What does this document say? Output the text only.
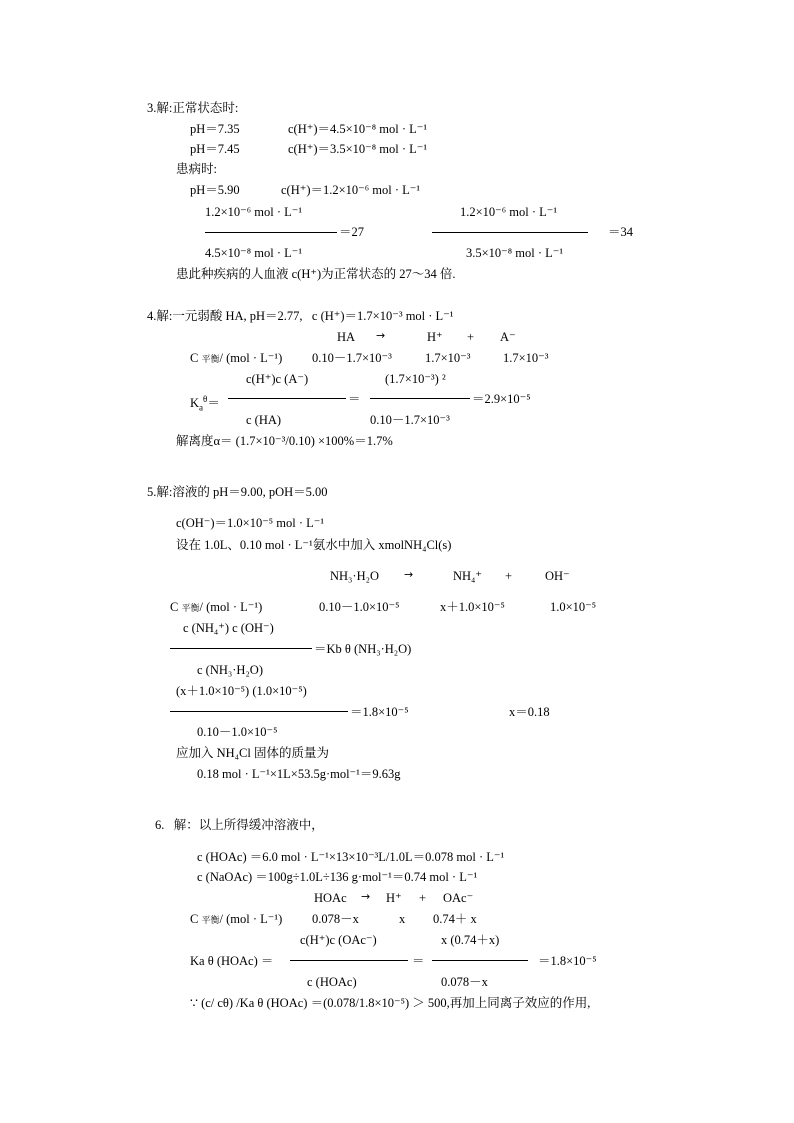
3.解:正常状态时:
pH＝7.35	c(H⁺)＝4.5×10⁻⁸ mol · L⁻¹
pH＝7.45	c(H⁺)＝3.5×10⁻⁸ mol · L⁻¹
患病时:
pH＝5.90	c(H⁺)＝1.2×10⁻⁶ mol · L⁻¹
1.2×10⁻⁶ mol · L⁻¹
＝27
4.5×10⁻⁸ mol · L⁻¹
1.2×10⁻⁶ mol · L⁻¹
＝34
3.5×10⁻⁸ mol · L⁻¹
患此种疾病的人血液 c(H⁺)为正常状态的 27～34 倍.
4.解:一元弱酸 HA, pH＝2.77,   c (H⁺)＝1.7×10⁻³ mol · L⁻¹
HA →	H⁺ + A⁻
C 平衡/ (mol · L⁻¹) 0.10－1.7×10⁻³	1.7×10⁻³	1.7×10⁻³
c(H⁺)c (A⁻)
$K_a^\theta=$	＝
c (HA)
(1.7×10⁻³) ²
＝2.9×10⁻⁵
0.10－1.7×10⁻³
解离度α＝ (1.7×10⁻³/0.10) ×100%＝1.7%
5.解:溶液的 pH＝9.00, pOH＝5.00
c(OH⁻)＝1.0×10⁻⁵ mol · L⁻¹
设在 1.0L、0.10 mol · L⁻¹氨水中加入 xmolNH₄Cl(s)
NH₃·H₂O →	NH₄⁺ +	OH⁻
C 平衡/ (mol · L⁻¹)	0.10－1.0×10⁻⁵	x＋1.0×10⁻⁵	1.0×10⁻⁵
c (NH₄⁺) c (OH⁻)
＝Kb θ (NH₃·H₂O)
c (NH₃·H₂O)
(x＋1.0×10⁻⁵) (1.0×10⁻⁵)
＝1.8×10⁻⁵	x＝0.18
0.10－1.0×10⁻⁵
应加入 NH₄Cl 固体的质量为
0.18 mol · L⁻¹×1L×53.5g·mol⁻¹＝9.63g
6.   解：以上所得缓冲溶液中，
c (HOAc) ＝6.0 mol · L⁻¹×13×10⁻³L/1.0L＝0.078 mol · L⁻¹
c (NaOAc) ＝100g÷1.0L÷136 g·mol⁻¹＝0.74 mol · L⁻¹
HOAc → H⁺ + OAc⁻
C 平衡/ (mol · L⁻¹) 0.078－x	x 0.74＋ x
c(H⁺)c (OAc⁻)
Ka θ (HOAc) ＝	＝
c (HOAc)
x (0.74＋x)
＝1.8×10⁻⁵
0.078－x
∵ (c/ cθ) /Ka θ (HOAc) ＝(0.078/1.8×10⁻⁵) ＞ 500,再加上同离子效应的作用,
